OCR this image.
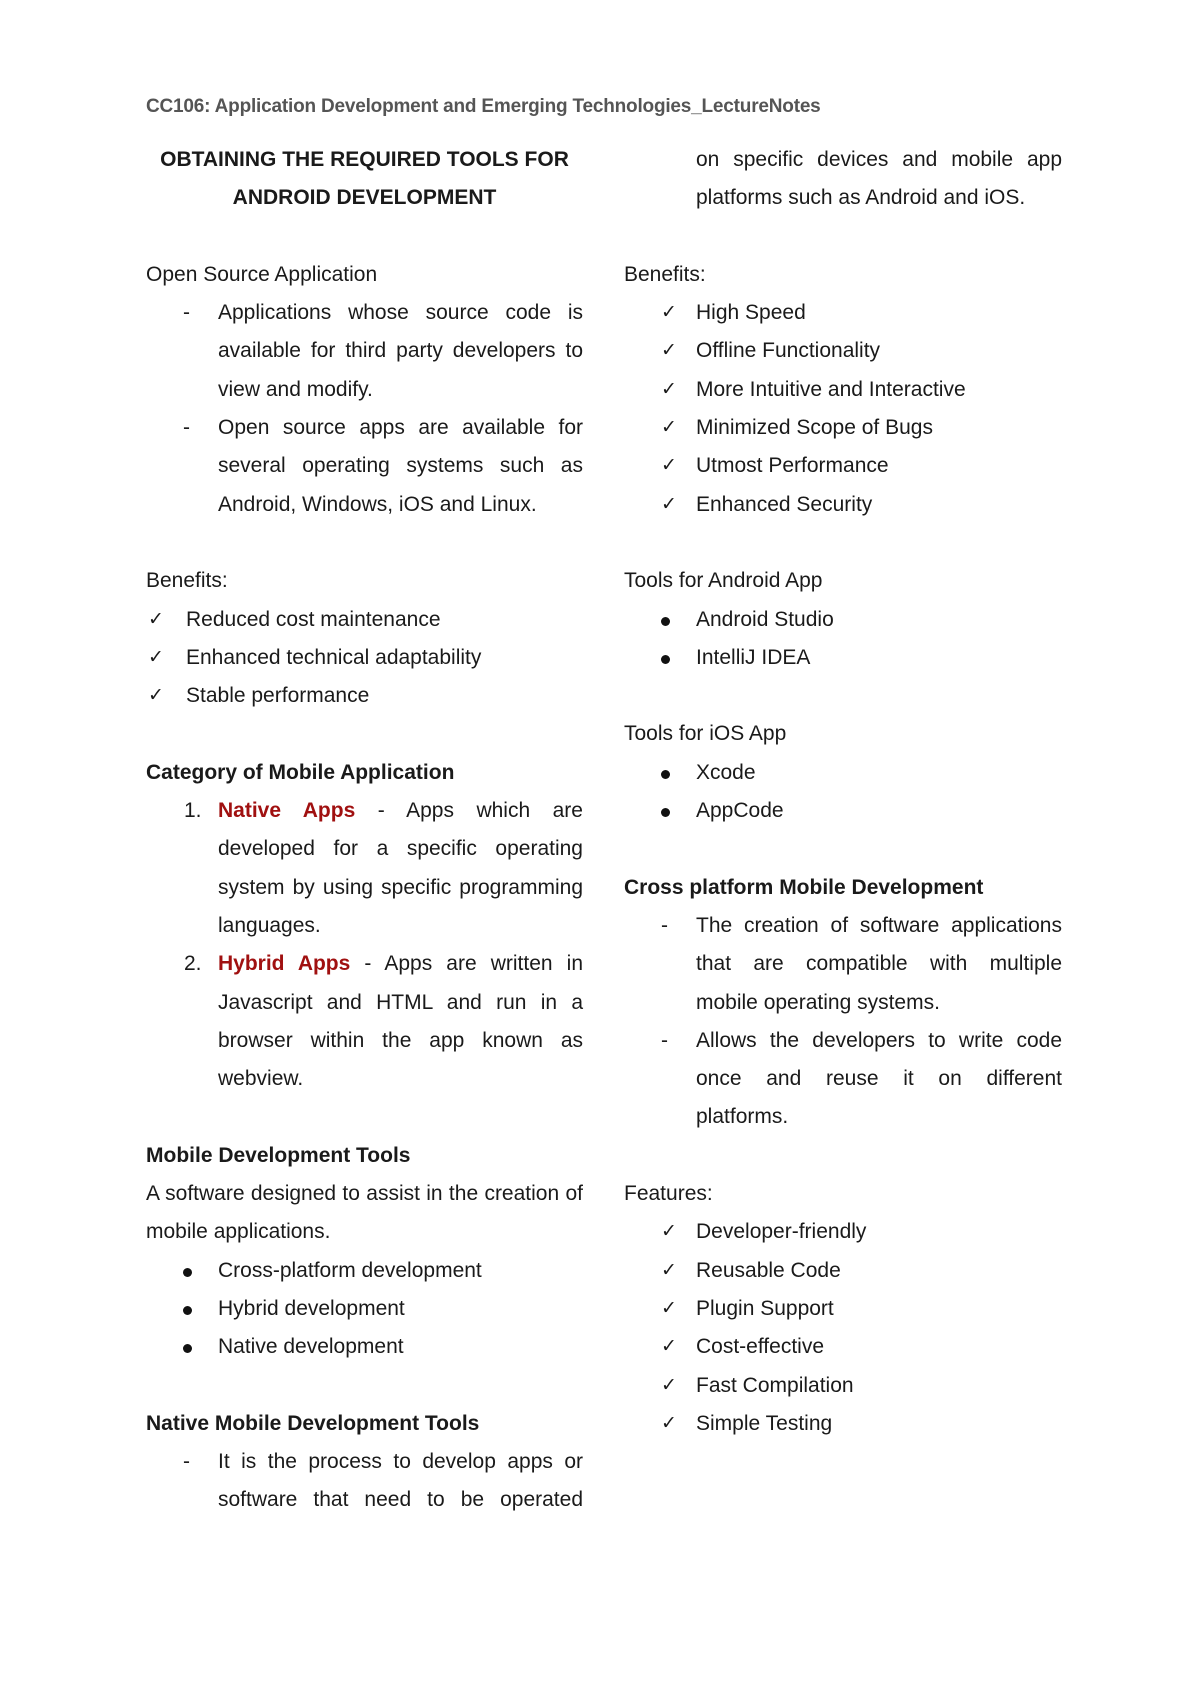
CC106: Application Development and Emerging Technologies_LectureNotes
OBTAINING THE REQUIRED TOOLS FOR
ANDROID DEVELOPMENT
Open Source Application
-	Applications whose source code is available for third party developers to view and modify.
-	Open source apps are available for several operating systems such as Android, Windows, iOS and Linux.
Benefits:
✓	Reduced cost maintenance
✓	Enhanced technical adaptability
✓	Stable performance
Category of Mobile Application
1. Native Apps - Apps which are developed for a specific operating system by using specific programming languages.
2. Hybrid Apps - Apps are written in Javascript and HTML and run in a browser within the app known as webview.
Mobile Development Tools
A software designed to assist in the creation of mobile applications.
Cross-platform development
Hybrid development
Native development
Native Mobile Development Tools
-	It is the process to develop apps or software that need to be operated
on specific devices and mobile app platforms such as Android and iOS.
Benefits:
✓ High Speed
✓ Offline Functionality
✓ More Intuitive and Interactive
✓ Minimized Scope of Bugs
✓ Utmost Performance
✓ Enhanced Security
Tools for Android App
Android Studio
IntelliJ IDEA
Tools for iOS App
Xcode
AppCode
Cross platform Mobile Development
-	The creation of software applications that are compatible with multiple mobile operating systems.
-	Allows the developers to write code once and reuse it on different platforms.
Features:
✓ Developer-friendly
✓ Reusable Code
✓ Plugin Support
✓ Cost-effective
✓ Fast Compilation
✓ Simple Testing
